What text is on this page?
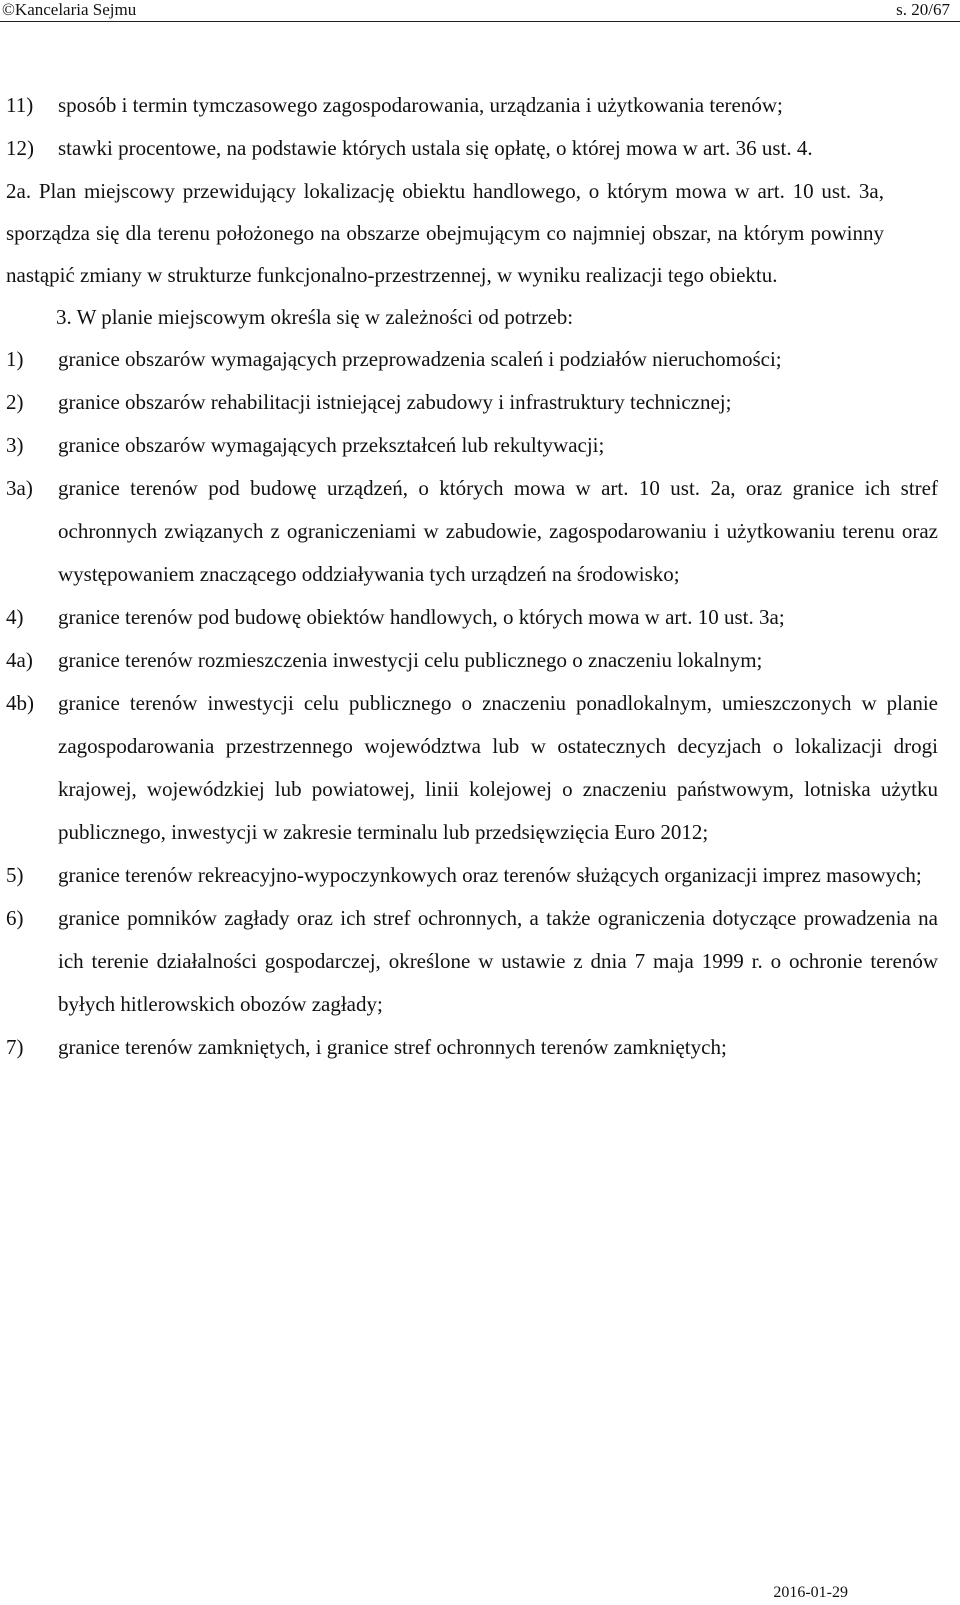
©Kancelaria Sejmu	s. 20/67
11) sposób i termin tymczasowego zagospodarowania, urządzania i użytkowania terenów;
12) stawki procentowe, na podstawie których ustala się opłatę, o której mowa w art. 36 ust. 4.

2a. Plan miejscowy przewidujący lokalizację obiektu handlowego, o którym mowa w art. 10 ust. 3a, sporządza się dla terenu położonego na obszarze obejmującym co najmniej obszar, na którym powinny nastąpić zmiany w strukturze funkcjonalno-przestrzennej, w wyniku realizacji tego obiektu.

3. W planie miejscowym określa się w zależności od potrzeb:

1) granice obszarów wymagających przeprowadzenia scaleń i podziałów nieruchomości;
2) granice obszarów rehabilitacji istniejącej zabudowy i infrastruktury technicznej;
3) granice obszarów wymagających przekształceń lub rekultywacji;
3a) granice terenów pod budowę urządzeń, o których mowa w art. 10 ust. 2a, oraz granice ich stref ochronnych związanych z ograniczeniami w zabudowie, zagospodarowaniu i użytkowaniu terenu oraz występowaniem znaczącego oddziaływania tych urządzeń na środowisko;
4) granice terenów pod budowę obiektów handlowych, o których mowa w art. 10 ust. 3a;
4a) granice terenów rozmieszczenia inwestycji celu publicznego o znaczeniu lokalnym;
4b) granice terenów inwestycji celu publicznego o znaczeniu ponadlokalnym, umieszczonych w planie zagospodarowania przestrzennego województwa lub w ostatecznych decyzjach o lokalizacji drogi krajowej, wojewódzkiej lub powiatowej, linii kolejowej o znaczeniu państwowym, lotniska użytku publicznego, inwestycji w zakresie terminalu lub przedsięwzięcia Euro 2012;
5) granice terenów rekreacyjno-wypoczynkowych oraz terenów służących organizacji imprez masowych;
6) granice pomników zagłady oraz ich stref ochronnych, a także ograniczenia dotyczące prowadzenia na ich terenie działalności gospodarczej, określone w ustawie z dnia 7 maja 1999 r. o ochronie terenów byłych hitlerowskich obozów zagłady;
7) granice terenów zamkniętych, i granice stref ochronnych terenów zamkniętych;
2016-01-29
